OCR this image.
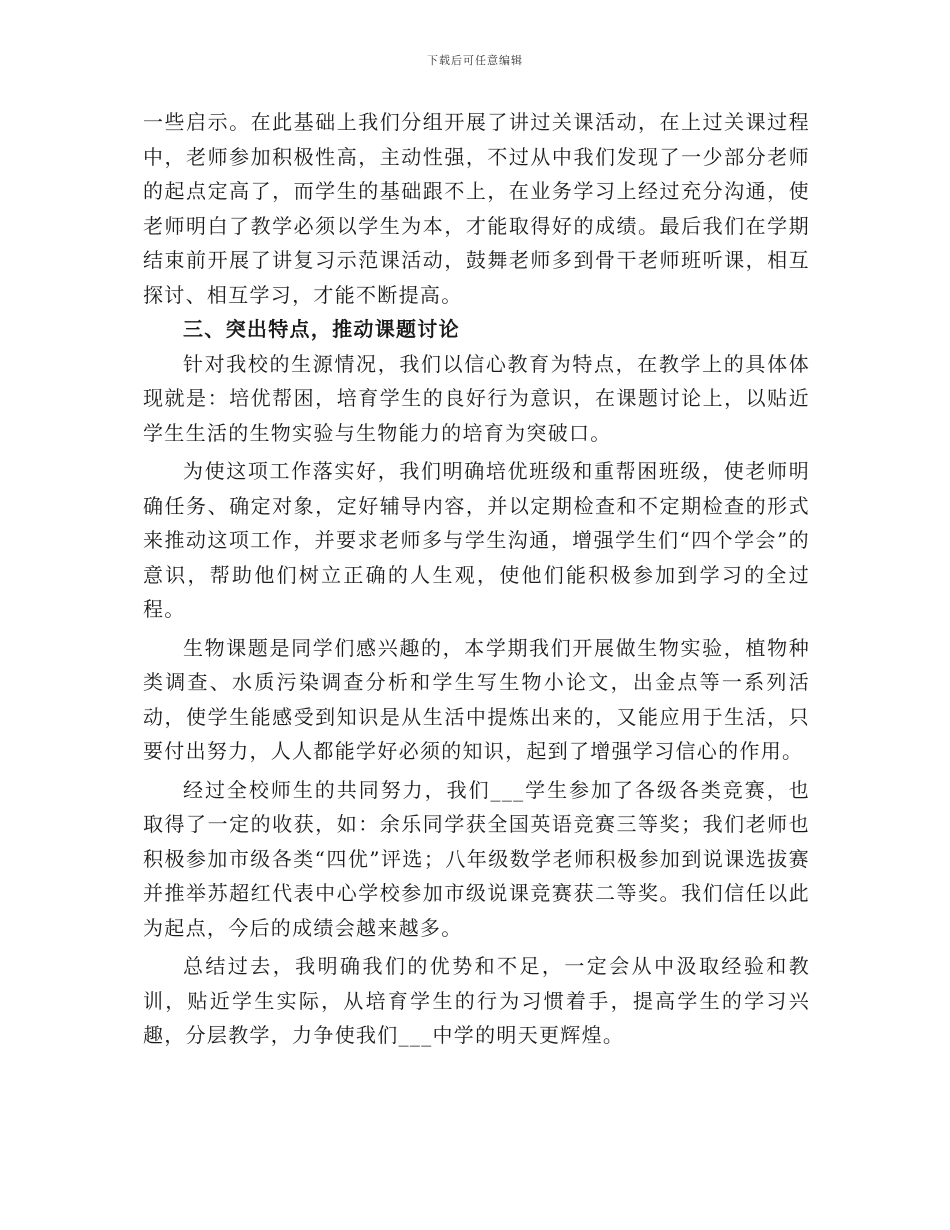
下载后可任意编辑

一些启示。在此基础上我们分组开展了讲过关课活动，在上过关课过程中，老师参加积极性高，主动性强，不过从中我们发现了一少部分老师的起点定高了，而学生的基础跟不上，在业务学习上经过充分沟通，使老师明白了教学必须以学生为本，才能取得好的成绩。最后我们在学期结束前开展了讲复习示范课活动，鼓舞老师多到骨干老师班听课，相互探讨、相互学习，才能不断提高。

三、突出特点，推动课题讨论

针对我校的生源情况，我们以信心教育为特点，在教学上的具体体现就是：培优帮困，培育学生的良好行为意识，在课题讨论上，以贴近学生生活的生物实验与生物能力的培育为突破口。

为使这项工作落实好，我们明确培优班级和重帮困班级，使老师明确任务、确定对象，定好辅导内容，并以定期检查和不定期检查的形式来推动这项工作，并要求老师多与学生沟通，增强学生们“四个学会”的意识，帮助他们树立正确的人生观，使他们能积极参加到学习的全过程。

生物课题是同学们感兴趣的，本学期我们开展做生物实验，植物种类调查、水质污染调查分析和学生写生物小论文，出金点等一系列活动，使学生能感受到知识是从生活中提炼出来的，又能应用于生活，只要付出努力，人人都能学好必须的知识，起到了增强学习信心的作用。

经过全校师生的共同努力，我们___学生参加了各级各类竞赛，也取得了一定的收获，如：余乐同学获全国英语竞赛三等奖；我们老师也积极参加市级各类“四优”评选；八年级数学老师积极参加到说课选拔赛并推举苏超红代表中心学校参加市级说课竞赛获二等奖。我们信任以此为起点，今后的成绩会越来越多。

总结过去，我明确我们的优势和不足，一定会从中汲取经验和教训，贴近学生实际，从培育学生的行为习惯着手，提高学生的学习兴趣，分层教学，力争使我们___中学的明天更辉煌。
